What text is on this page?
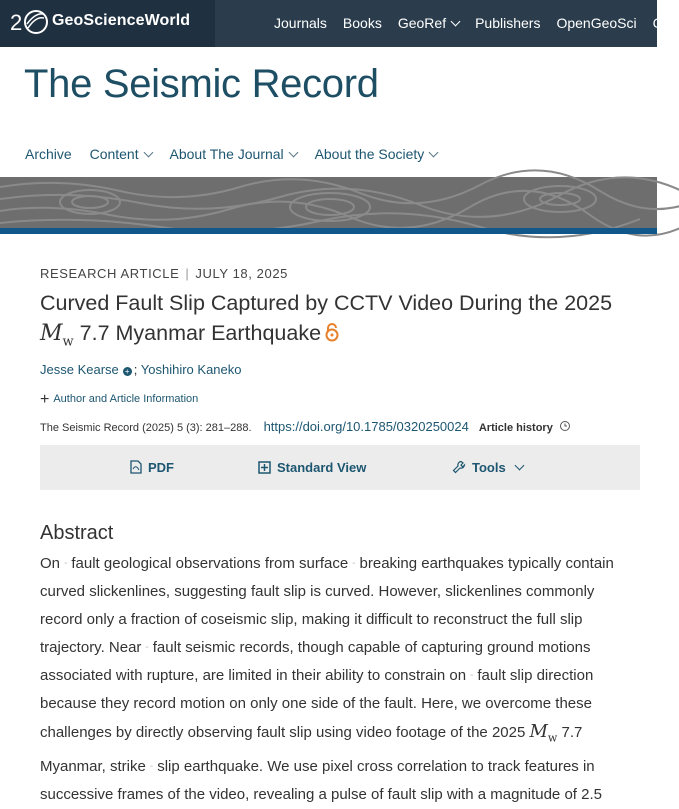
2 GeoScienceWorld	Journals Books GeoRef Publishers OpenGeoSci C
The Seismic Record
Archive Content About The Journal About the Society
RESEARCH ARTICLE | JULY 18, 2025
Curved Fault Slip Captured by CCTV Video During the 2025 $M_w$ 7.7 Myanmar Earthquake
Jesse Kearse + ; Yoshihiro Kaneko
+ Author and Article Information
The Seismic Record (2025) 5 (3): 281–288. https://doi.org/10.1785/0320250024 Article history
PDF	Standard View	Tools
Abstract
On - fault geological observations from surface - breaking earthquakes typically contain curved slickenlines, suggesting fault slip is curved. However, slickenlines commonly record only a fraction of coseismic slip, making it difficult to reconstruct the full slip trajectory. Near - fault seismic records, though capable of capturing ground motions associated with rupture, are limited in their ability to constrain on - fault slip direction because they record motion on only one side of the fault. Here, we overcome these challenges by directly observing fault slip using video footage of the 2025 $M_w$ 7.7 Myanmar, strike - slip earthquake. We use pixel cross correlation to track features in successive frames of the video, revealing a pulse of fault slip with a magnitude of 2.5
